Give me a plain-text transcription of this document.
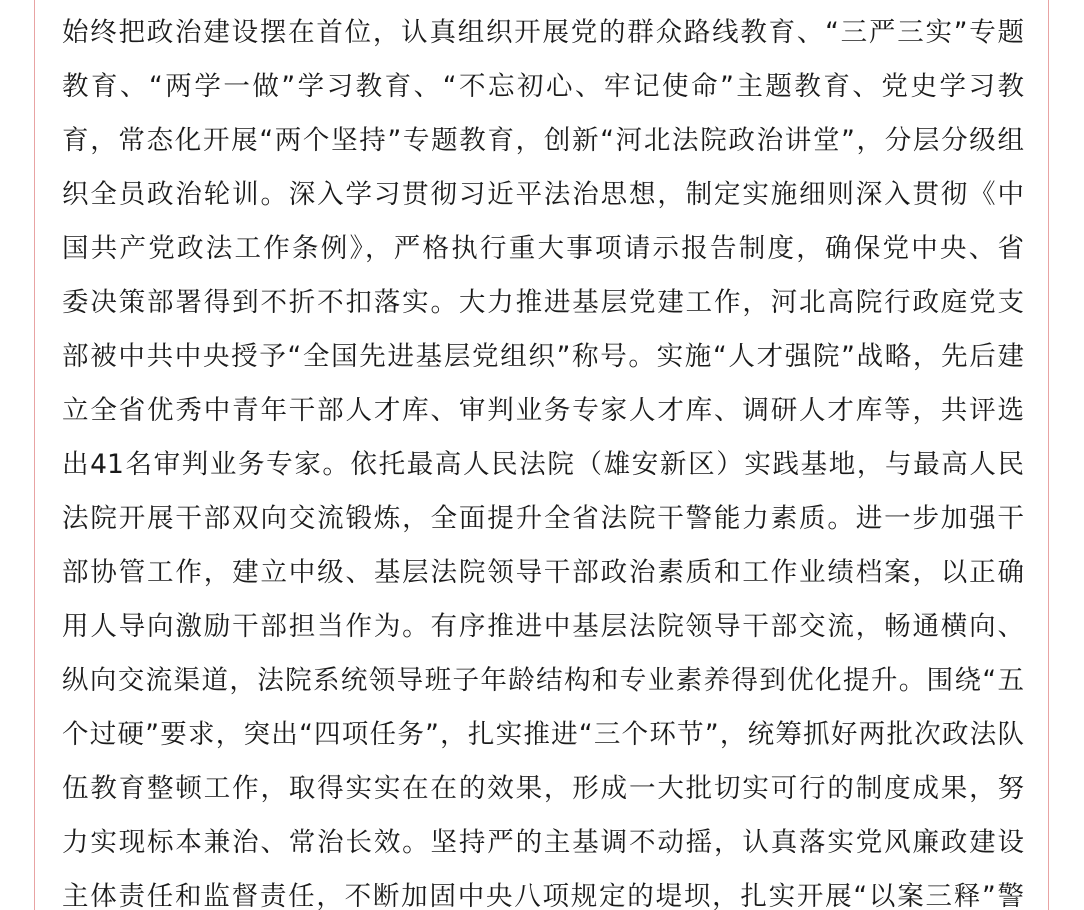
始终把政治建设摆在首位，认真组织开展党的群众路线教育、“三严三实”专题
教育、“两学一做”学习教育、“不忘初心、牢记使命”主题教育、党史学习教
育，常态化开展“两个坚持”专题教育，创新“河北法院政治讲堂”，分层分级组
织全员政治轮训。深入学习贯彻习近平法治思想，制定实施细则深入贯彻《中
国共产党政法工作条例》，严格执行重大事项请示报告制度，确保党中央、省
委决策部署得到不折不扣落实。大力推进基层党建工作，河北高院行政庭党支
部被中共中央授予“全国先进基层党组织”称号。实施“人才强院”战略，先后建
立全省优秀中青年干部人才库、审判业务专家人才库、调研人才库等，共评选
出41名审判业务专家。依托最高人民法院（雄安新区）实践基地，与最高人民
法院开展干部双向交流锻炼，全面提升全省法院干警能力素质。进一步加强干
部协管工作，建立中级、基层法院领导干部政治素质和工作业绩档案，以正确
用人导向激励干部担当作为。有序推进中基层法院领导干部交流，畅通横向、
纵向交流渠道，法院系统领导班子年龄结构和专业素养得到优化提升。围绕“五
个过硬”要求，突出“四项任务”，扎实推进“三个环节”，统筹抓好两批次政法队
伍教育整顿工作，取得实实在在的效果，形成一大批切实可行的制度成果，努
力实现标本兼治、常治长效。坚持严的主基调不动摇，认真落实党风廉政建设
主体责任和监督责任，不断加固中央八项规定的堤坝，扎实开展“以案三释”警
